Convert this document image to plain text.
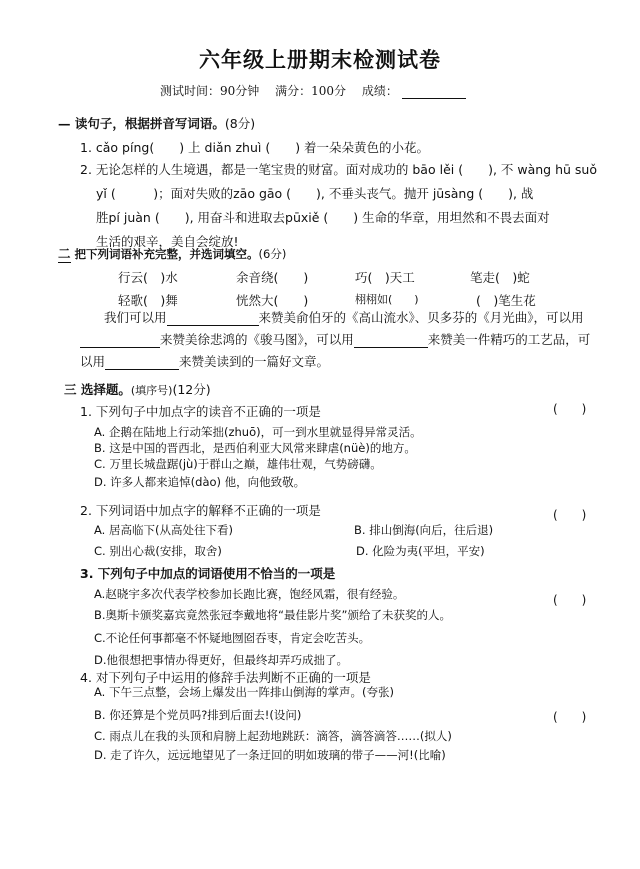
六年级上册期末检测试卷
测试时间：90分钟 满分：100分 成绩：
— 读句子，根据拼音写词语。(8分)
1. cǎo píng(　　) 上 diǎn zhuì (　　) 着一朵朵黄色的小花。
2. 无论怎样的人生境遇，都是一笔宝贵的财富。面对成功的 bāo lěi (　　), 不 wàng hū suǒ
yǐ (　　　)；面对失败的zāo gāo (　　), 不垂头丧气。抛开 jūsàng (　　), 战
胜pí juàn (　　), 用奋斗和进取去pūxiě (　　) 生命的华章，用坦然和不畏去面对
生活的艰辛，美自会绽放!
二 把下列词语补充完整，并选词填空。(6分)
行云(　)水	余音绕(　　)	巧(　)天工	笔走(　)蛇
轻歌(　)舞	恍然大(　　)	栩栩如(　　)	(　)笔生花
我们可以用	来赞美俞伯牙的《高山流水》、贝多芬的《月光曲》，可以用
来赞美徐悲鸿的《骏马图》，可以用	来赞美一件精巧的工艺品，可
以用	来赞美读到的一篇好文章。
三 选择题。(填序号)(12分)
1. 下列句子中加点字的读音不正确的一项是	(　　)
A. 企鹅在陆地上行动笨拙(zhuō)，可一到水里就显得异常灵活。
B. 这是中国的晋西北，是西伯利亚大风常来肆虐(nüè)的地方。
C. 万里长城盘踞(jù)于群山之巅，雄伟壮观，气势磅礴。
D. 许多人都来追悼(dào) 他，向他致敬。
2. 下列词语中加点字的解释不正确的一项是	(　　)
A. 居高临下(从高处往下看)	B. 排山倒海(向后，往后退)
C. 别出心裁(安排，取舍)	D. 化险为夷(平坦，平安)
3. 下列句子中加点的词语使用不恰当的一项是
(　　)
A.赵晓宇多次代表学校参加长跑比赛，饱经风霜，很有经验。
B.奥斯卡颁奖嘉宾竟然张冠李戴地将“最佳影片奖”颁给了未获奖的人。
C.不论任何事都毫不怀疑地囫囵吞枣，肯定会吃苦头。
D.他很想把事情办得更好，但最终却弄巧成拙了。
4. 对下列句子中运用的修辞手法判断不正确的一项是
A. 下午三点整，会场上爆发出一阵排山倒海的掌声。(夸张)
(　　)
B. 你还算是个党员吗?排到后面去!(设问)
C. 雨点儿在我的头顶和肩膀上起劲地跳跃：滴答，滴答滴答……(拟人)
D. 走了许久，远远地望见了一条迂回的明如玻璃的带子——河!(比喻)
